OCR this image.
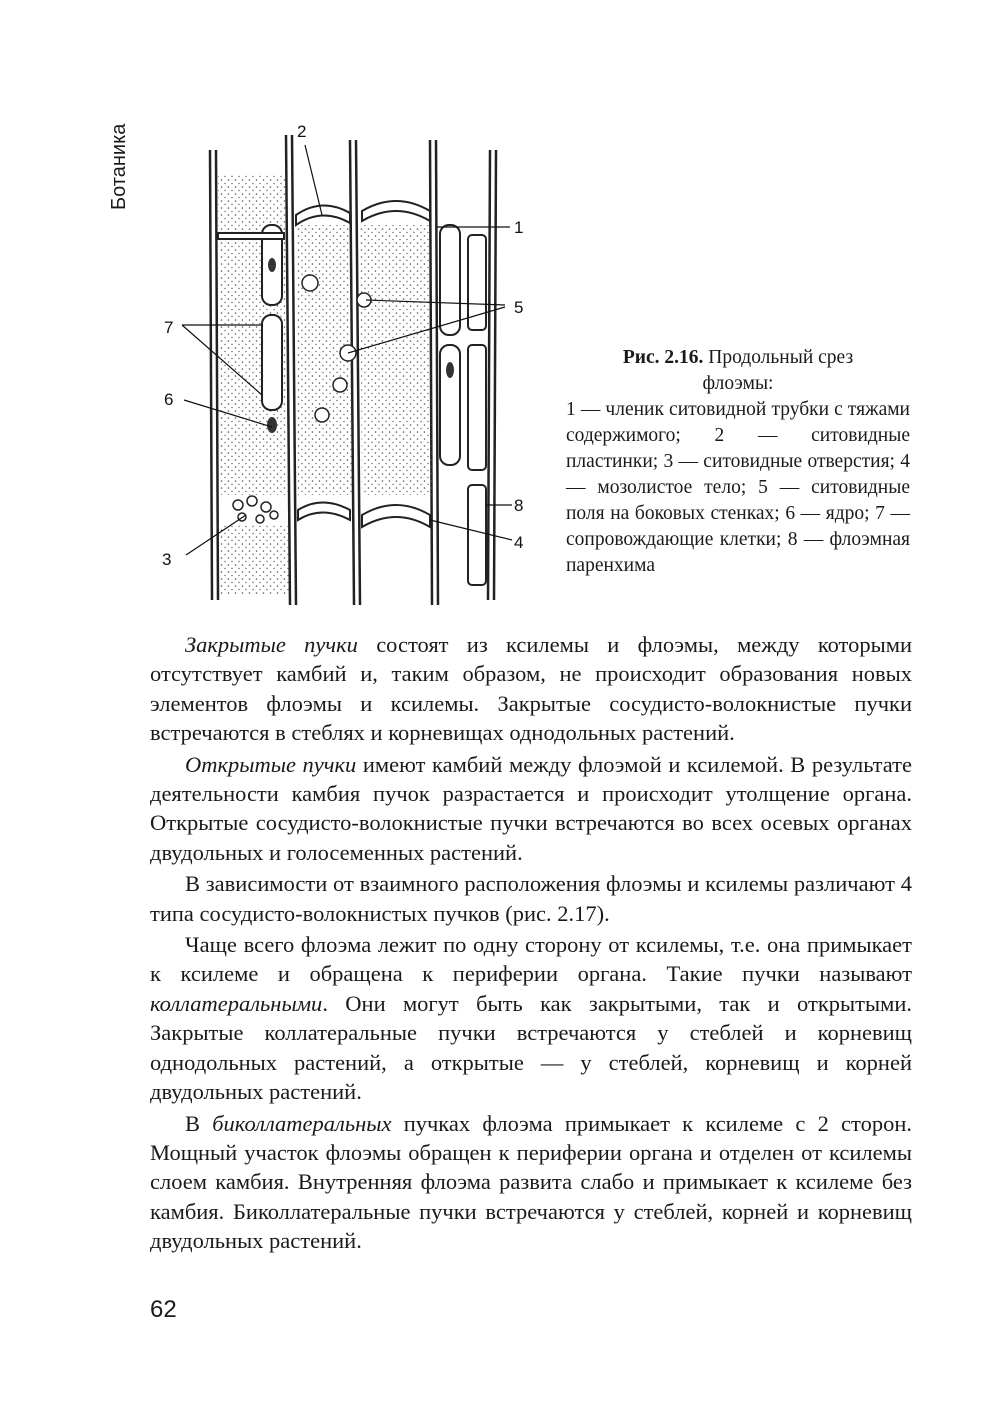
Ботаника
1
2
3
4
5
6
7
8

Рис. 2.16. Продольный срез флоэмы:

1 — членик ситовидной трубки с тяжами содержимого; 2 — ситовидные пластинки; 3 — ситовидные отверстия; 4 — мозолистое тело; 5 — ситовидные поля на боковых стенках; 6 — ядро; 7 — сопровождающие клетки; 8 — флоэмная паренхима

Закрытые пучки состоят из ксилемы и флоэмы, между которыми отсутствует камбий и, таким образом, не происходит образования новых элементов флоэмы и ксилемы. Закрытые сосудисто-волокнистые пучки встречаются в стеблях и корневищах однодольных растений.

Открытые пучки имеют камбий между флоэмой и ксилемой. В результате деятельности камбия пучок разрастается и происходит утолщение органа. Открытые сосудисто-волокнистые пучки встречаются во всех осевых органах двудольных и голосеменных растений.

В зависимости от взаимного расположения флоэмы и ксилемы различают 4 типа сосудисто-волокнистых пучков (рис. 2.17).

Чаще всего флоэма лежит по одну сторону от ксилемы, т.е. она примыкает к ксилеме и обращена к периферии органа. Такие пучки называют коллатеральными. Они могут быть как закрытыми, так и открытыми. Закрытые коллатеральные пучки встречаются у стеблей и корневищ однодольных растений, а открытые — у стеблей, корневищ и корней двудольных растений.

В биколлатеральных пучках флоэма примыкает к ксилеме с 2 сторон. Мощный участок флоэмы обращен к периферии органа и отделен от ксилемы слоем камбия. Внутренняя флоэма развита слабо и примыкает к ксилеме без камбия. Биколлатеральные пучки встречаются у стеблей, корней и корневищ двудольных растений.

62
